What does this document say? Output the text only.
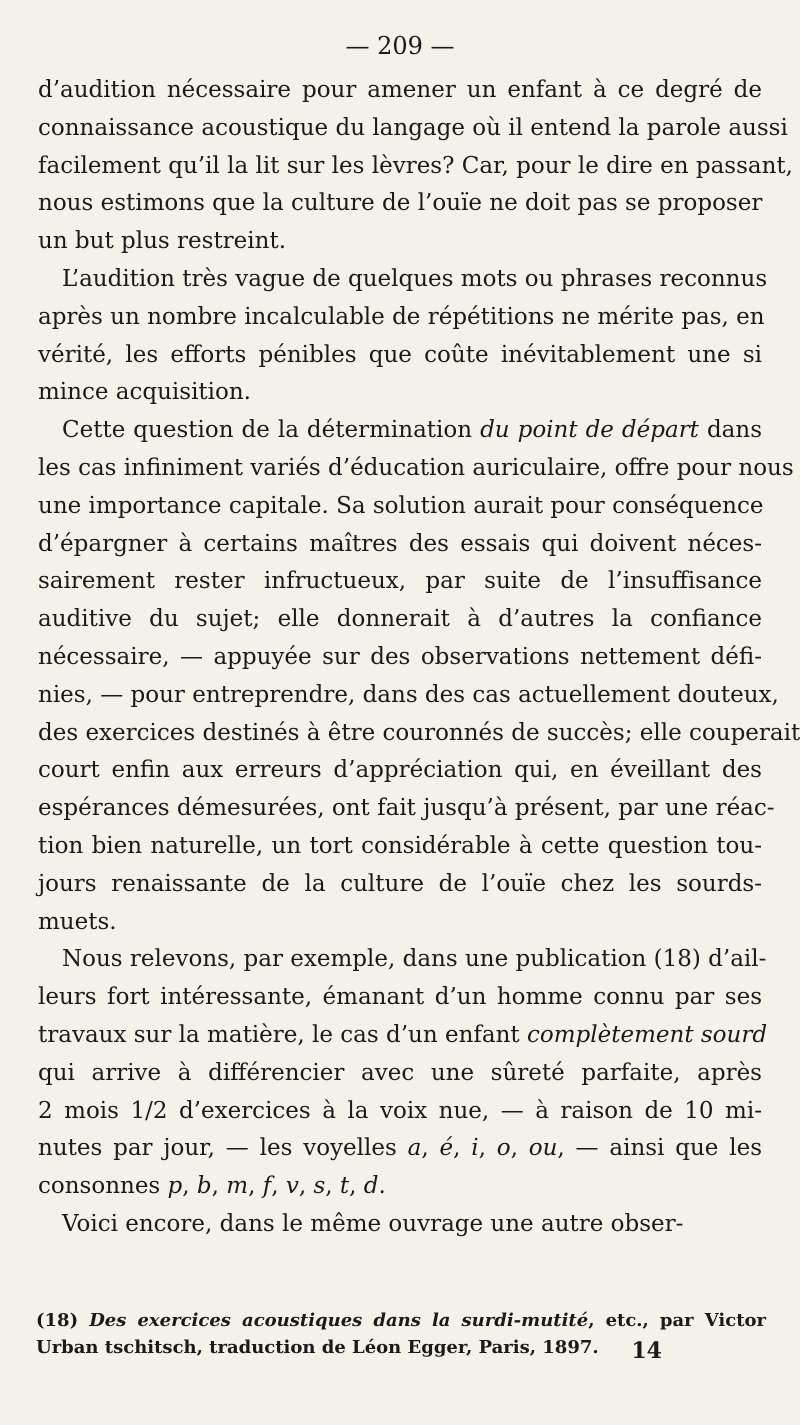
— 209 —
d’audition nécessaire pour amener un enfant à ce degré de
connaissance acoustique du langage où il entend la parole aussi
facilement qu’il la lit sur les lèvres? Car, pour le dire en passant,
nous estimons que la culture de l’ouïe ne doit pas se proposer
un but plus restreint.
L’audition très vague de quelques mots ou phrases reconnus
après un nombre incalculable de répétitions ne mérite pas, en
vérité, les efforts pénibles que coûte inévitablement une si
mince acquisition.
Cette question de la détermination du point de départ dans
les cas infiniment variés d’éducation auriculaire, offre pour nous
une importance capitale. Sa solution aurait pour conséquence
d’épargner à certains maîtres des essais qui doivent néces-
sairement rester infructueux, par suite de l’insuffisance
auditive du sujet; elle donnerait à d’autres la confiance
nécessaire, — appuyée sur des observations nettement défi-
nies, — pour entreprendre, dans des cas actuellement douteux,
des exercices destinés à être couronnés de succès; elle couperait
court enfin aux erreurs d’appréciation qui, en éveillant des
espérances démesurées, ont fait jusqu’à présent, par une réac-
tion bien naturelle, un tort considérable à cette question tou-
jours renaissante de la culture de l’ouïe chez les sourds-
muets.
Nous relevons, par exemple, dans une publication (18) d’ail-
leurs fort intéressante, émanant d’un homme connu par ses
travaux sur la matière, le cas d’un enfant complètement sourd
qui arrive à différencier avec une sûreté parfaite, après
2 mois 1/2 d’exercices à la voix nue, — à raison de 10 mi-
nutes par jour, — les voyelles a, é, i, o, ou, — ainsi que les
consonnes p, b, m, f, v, s, t, d.
Voici encore, dans le même ouvrage une autre obser-
(18) Des exercices acoustiques dans la surdi-mutité, etc., par Victor
Urban tschitsch, traduction de Léon Egger, Paris, 1897.	14
